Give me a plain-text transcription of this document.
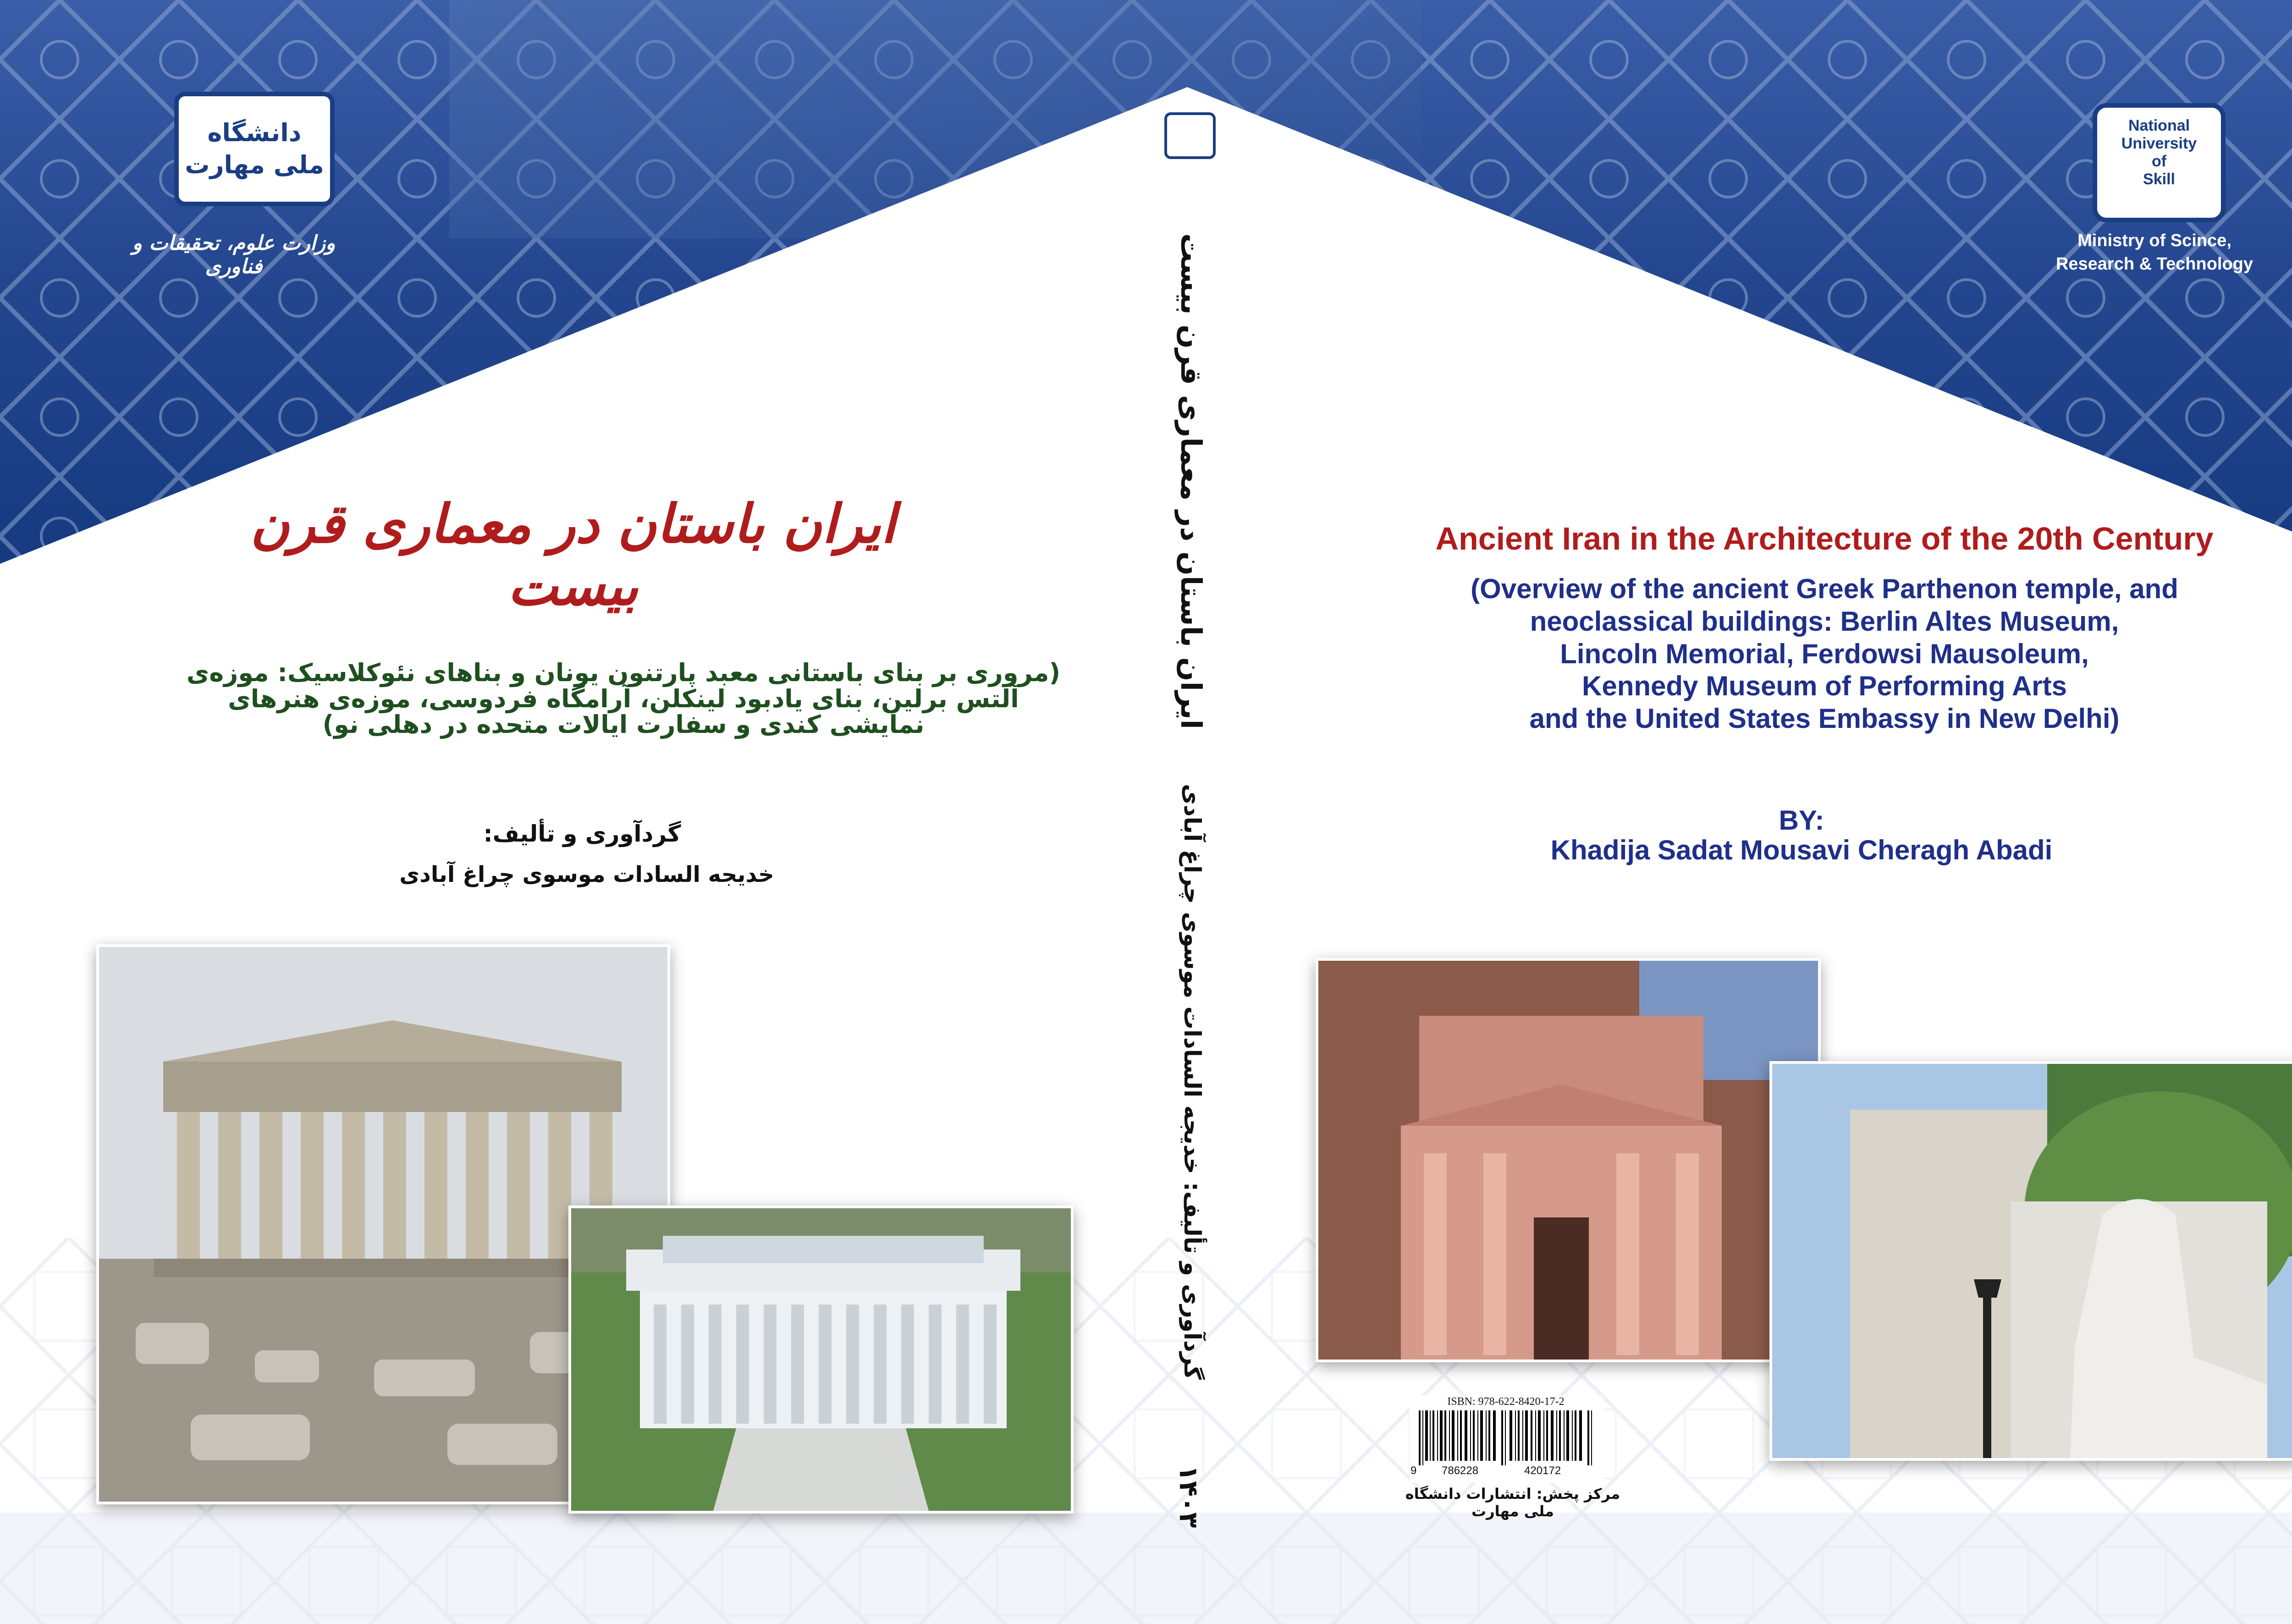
دانشگاه ملی مهارت
وزارت علوم، تحقیقات و فناوری
ایران باستان در معماری قرن بیست
(مروری بر بنای باستانی معبد پارتنون یونان و بناهای نئوکلاسیک: موزه‌ی
آلتس برلین، بنای یادبود لینکلن، آرامگاه فردوسی، موزه‌ی هنرهای
نمایشی کندی و سفارت ایالات متحده در دهلی نو)
گردآوری و تألیف:
خدیجه السادات موسوی چراغ آبادی
ایران باستان در معماری قرن بیست
گردآوری و تألیف: خدیجه السادات موسوی چراغ آبادی
۱۴۰۳
National
University
of
Skill
Ministry of Scince,
Research & Technology
Ancient Iran in the Architecture of the 20th Century
(Overview of the ancient Greek Parthenon temple, and
neoclassical buildings: Berlin Altes Museum,
Lincoln Memorial, Ferdowsi Mausoleum,
Kennedy Museum of Performing Arts
and the United States Embassy in New Delhi)
BY:
Khadija Sadat Mousavi Cheragh Abadi
ISBN: 978-622-8420-17-2
9 786228	420172
مرکز پخش: انتشارات دانشگاه ملی مهارت
